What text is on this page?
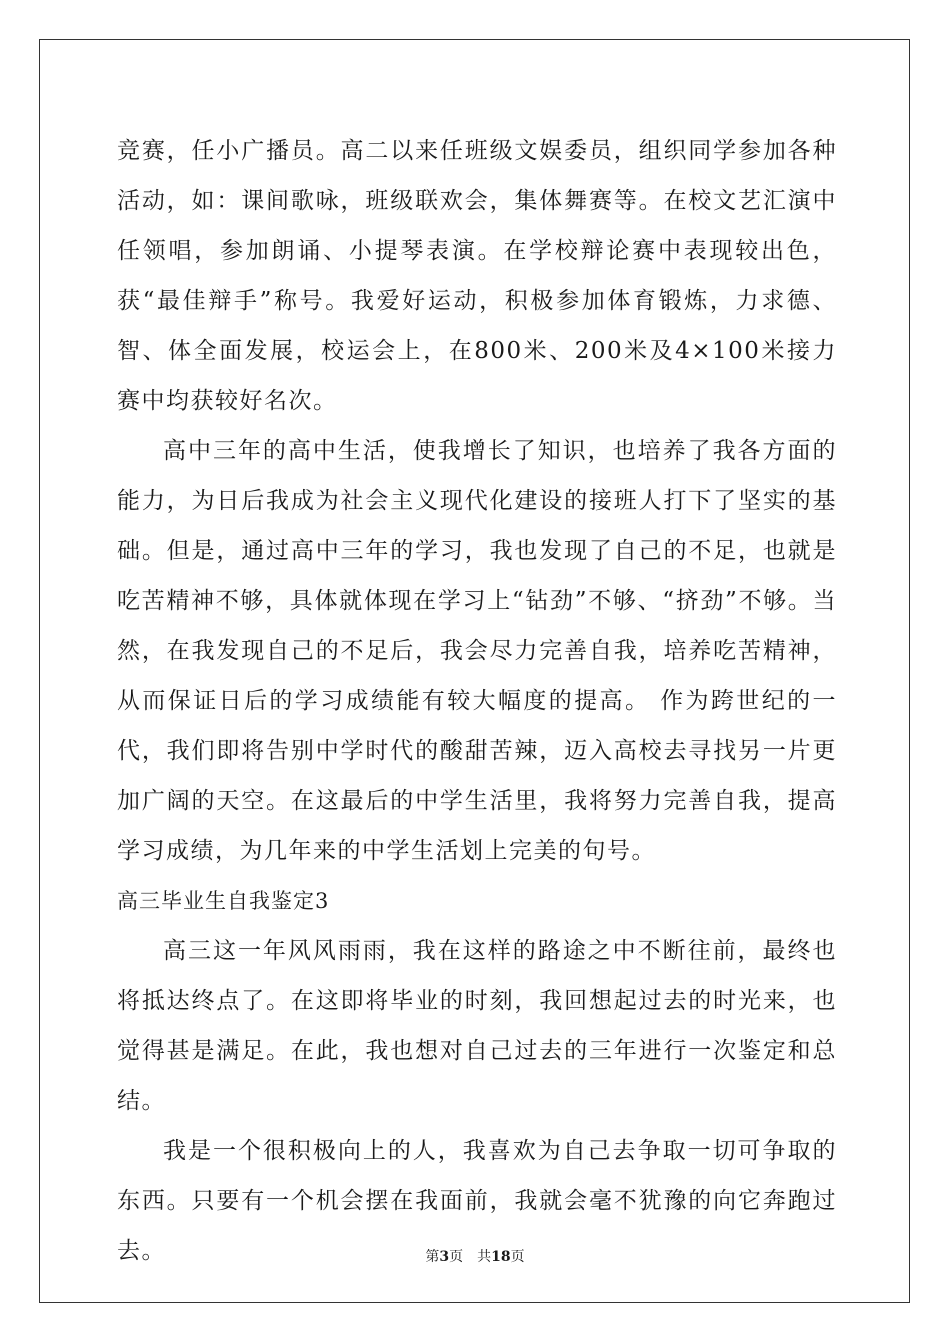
竞赛，任小广播员。高二以来任班级文娱委员，组织同学参加各种活动，如：课间歌咏，班级联欢会，集体舞赛等。在校文艺汇演中任领唱，参加朗诵、小提琴表演。在学校辩论赛中表现较出色，获“最佳辩手”称号。我爱好运动，积极参加体育锻炼，力求德、智、体全面发展，校运会上，在800米、200米及4×100米接力赛中均获较好名次。

高中三年的高中生活，使我增长了知识，也培养了我各方面的能力，为日后我成为社会主义现代化建设的接班人打下了坚实的基础。但是，通过高中三年的学习，我也发现了自己的不足，也就是吃苦精神不够，具体就体现在学习上“钻劲”不够、“挤劲”不够。当然，在我发现自己的不足后，我会尽力完善自我，培养吃苦精神，从而保证日后的学习成绩能有较大幅度的提高。 作为跨世纪的一代，我们即将告别中学时代的酸甜苦辣，迈入高校去寻找另一片更加广阔的天空。在这最后的中学生活里，我将努力完善自我，提高学习成绩，为几年来的中学生活划上完美的句号。

高三毕业生自我鉴定3

高三这一年风风雨雨，我在这样的路途之中不断往前，最终也将抵达终点了。在这即将毕业的时刻，我回想起过去的时光来，也觉得甚是满足。在此，我也想对自己过去的三年进行一次鉴定和总结。

我是一个很积极向上的人，我喜欢为自己去争取一切可争取的东西。只要有一个机会摆在我面前，我就会毫不犹豫的向它奔跑过去。	第3页　共18页
